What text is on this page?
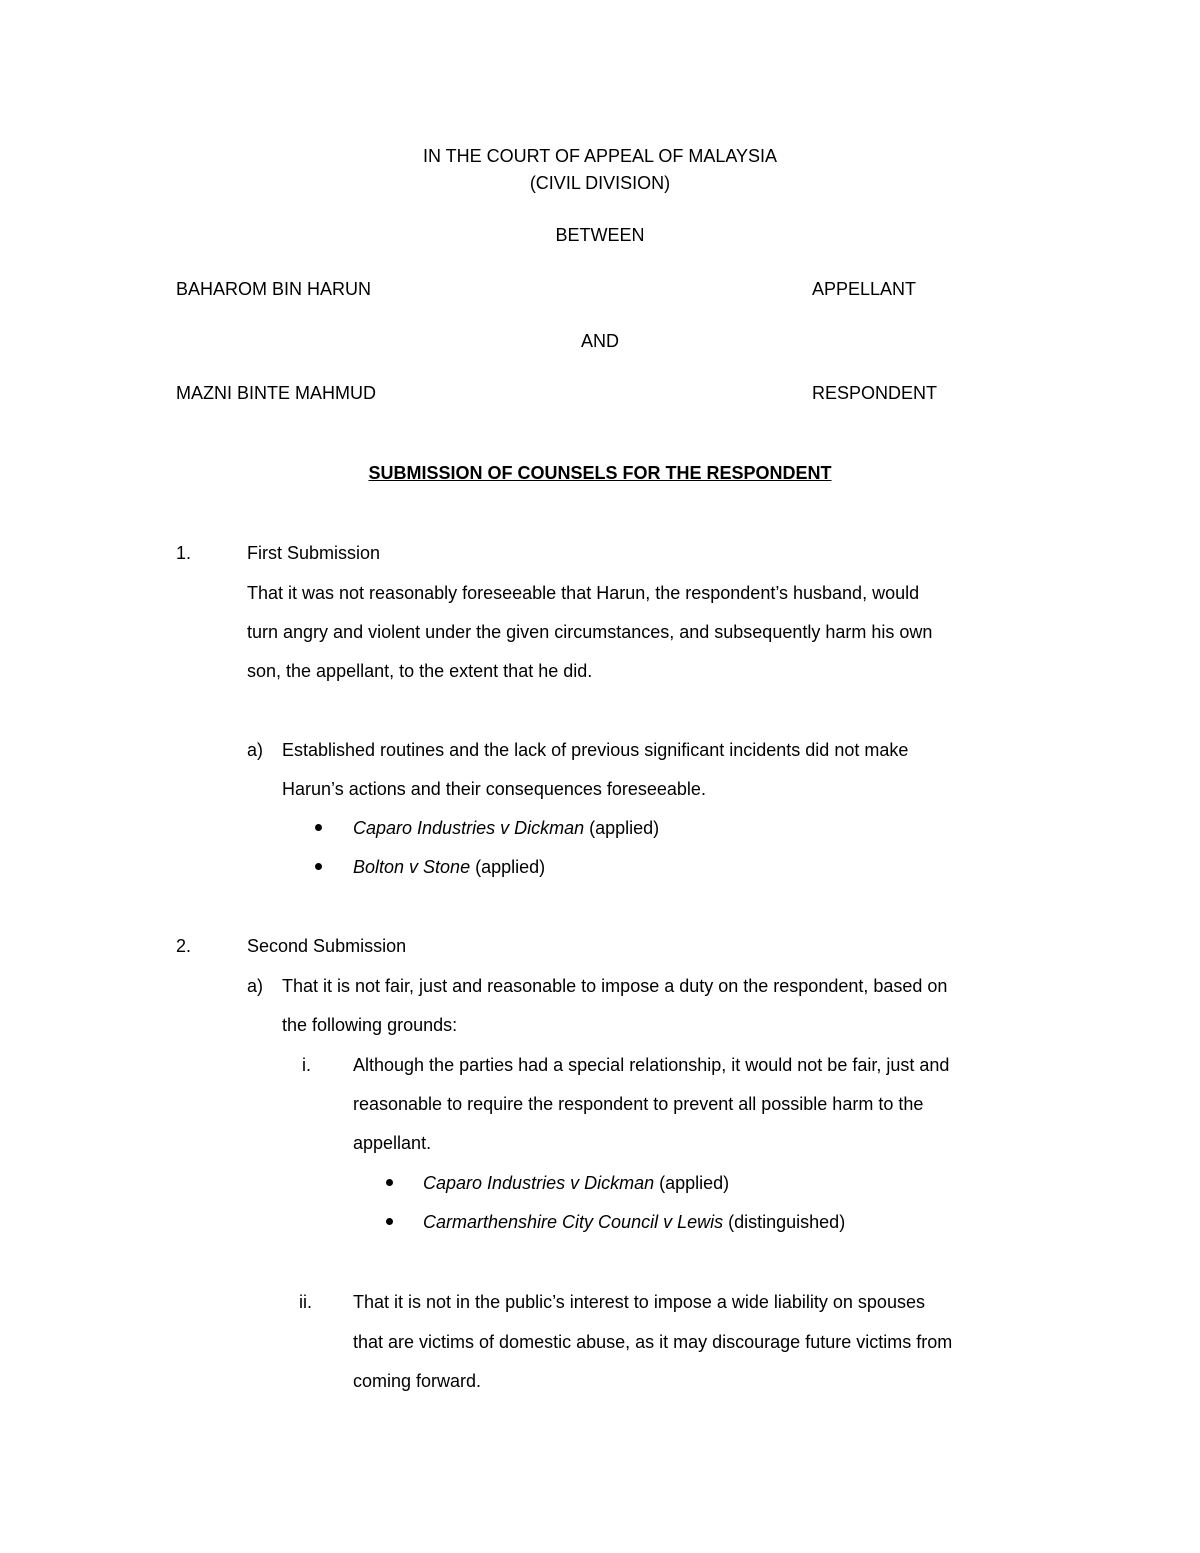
IN THE COURT OF APPEAL OF MALAYSIA
(CIVIL DIVISION)
BETWEEN
BAHAROM BIN HARUN	APPELLANT
AND
MAZNI BINTE MAHMUD	RESPONDENT
SUBMISSION OF COUNSELS FOR THE RESPONDENT
1.	First Submission
That it was not reasonably foreseeable that Harun, the respondent’s husband, would
turn angry and violent under the given circumstances, and subsequently harm his own
son, the appellant, to the extent that he did.
a) Established routines and the lack of previous significant incidents did not make
Harun’s actions and their consequences foreseeable.
Caparo Industries v Dickman (applied)
Bolton v Stone (applied)
2.	Second Submission
a) That it is not fair, just and reasonable to impose a duty on the respondent, based on
the following grounds:
i. Although the parties had a special relationship, it would not be fair, just and
reasonable to require the respondent to prevent all possible harm to the
appellant.
Caparo Industries v Dickman (applied)
Carmarthenshire City Council v Lewis (distinguished)
ii. That it is not in the public’s interest to impose a wide liability on spouses
that are victims of domestic abuse, as it may discourage future victims from
coming forward.
